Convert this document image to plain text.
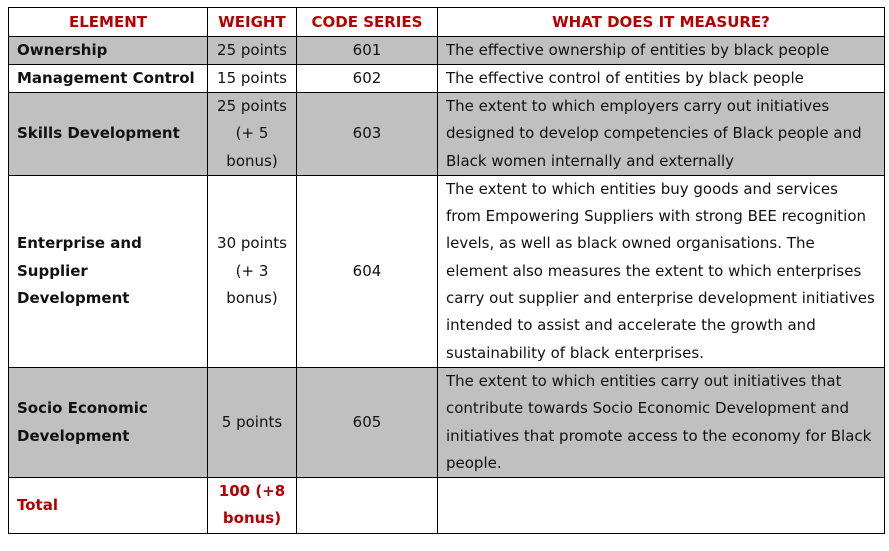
ELEMENT	WEIGHT	CODE SERIES	WHAT DOES IT MEASURE?
Ownership	25 points	601	The effective ownership of entities by black people
Management Control	15 points	602	The effective control of entities by black people
Skills Development	25 points (+ 5 bonus)	603	The extent to which employers carry out initiatives designed to develop competencies of Black people and Black women internally and externally
Enterprise and Supplier Development	30 points (+ 3 bonus)	604	The extent to which entities buy goods and services from Empowering Suppliers with strong BEE recognition levels, as well as black owned organisations. The element also measures the extent to which enterprises carry out supplier and enterprise development initiatives intended to assist and accelerate the growth and sustainability of black enterprises.
Socio Economic Development	5 points	605	The extent to which entities carry out initiatives that contribute towards Socio Economic Development and initiatives that promote access to the economy for Black people.
Total	100 (+8 bonus)		
